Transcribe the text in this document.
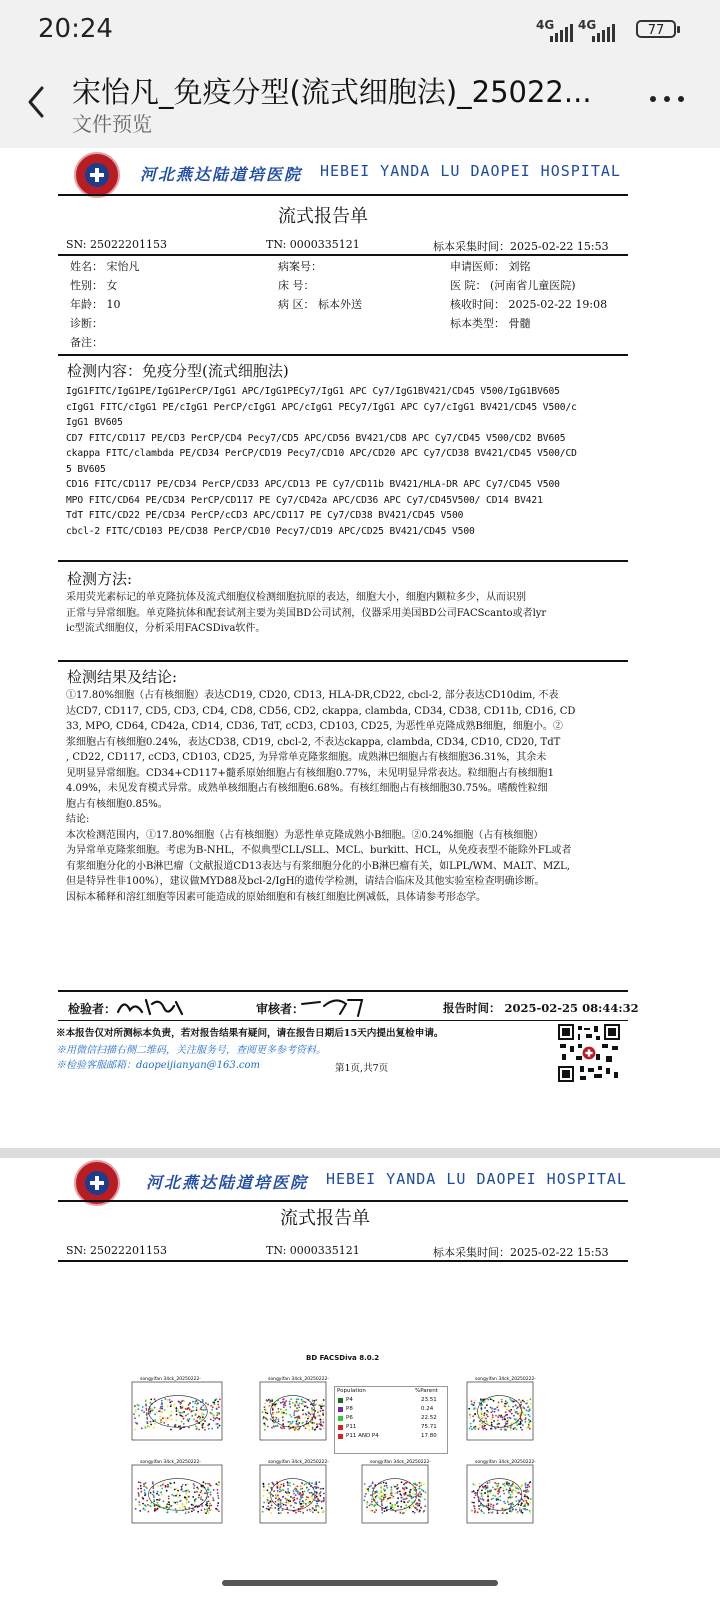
20:24	4G 4G	77
宋怡凡_免疫分型(流式细胞法)_25022...
文件预览
河北燕达陆道培医院 HEBEI YANDA LU DAOPEI HOSPITAL
流式报告单
SN: 25022201153	TN: 0000335121	标本采集时间：2025-02-22 15:53
姓名： 宋怡凡	病案号：	申请医师： 刘铭
性别： 女	床 号：	医 院： (河南省儿童医院)
年龄： 10	病 区： 标本外送	核收时间： 2025-02-22 19:08
诊断：	标本类型： 骨髓
备注：
检测内容：免疫分型(流式细胞法)
IgG1FITC/IgG1PE/IgG1PerCP/IgG1 APC/IgG1PECy7/IgG1 APC Cy7/IgG1BV421/CD45 V500/IgG1BV605
cIgG1 FITC/cIgG1 PE/cIgG1 PerCP/cIgG1 APC/cIgG1 PECy7/IgG1 APC Cy7/cIgG1 BV421/CD45 V500/c
IgG1 BV605
CD7 FITC/CD117 PE/CD3 PerCP/CD4 Pecy7/CD5 APC/CD56 BV421/CD8 APC Cy7/CD45 V500/CD2 BV605
ckappa FITC/clambda PE/CD34 PerCP/CD19 Pecy7/CD10 APC/CD20 APC Cy7/CD38 BV421/CD45 V500/CD
5 BV605
CD16 FITC/CD117 PE/CD34 PerCP/CD33 APC/CD13 PE Cy7/CD11b BV421/HLA-DR APC Cy7/CD45 V500
MPO FITC/CD64 PE/CD34 PerCP/CD117 PE Cy7/CD42a APC/CD36 APC Cy7/CD45V500/ CD14 BV421
TdT FITC/CD22 PE/CD34 PerCP/cCD3 APC/CD117 PE Cy7/CD38 BV421/CD45 V500
cbcl-2 FITC/CD103 PE/CD38 PerCP/CD10 Pecy7/CD19 APC/CD25 BV421/CD45 V500
检测方法:
采用荧光素标记的单克隆抗体及流式细胞仪检测细胞抗原的表达，细胞大小，细胞内颗粒多少，从而识别
正常与异常细胞。单克隆抗体和配套试剂主要为美国BD公司试剂，仪器采用美国BD公司FACScanto或者lyr
ic型流式细胞仪，分析采用FACSDiva软件。
检测结果及结论:
①17.80%细胞（占有核细胞）表达CD19, CD20, CD13, HLA-DR,CD22, cbcl-2, 部分表达CD10dim, 不表
达CD7, CD117, CD5, CD3, CD4, CD8, CD56, CD2, ckappa, clambda, CD34, CD38, CD11b, CD16, CD
33, MPO, CD64, CD42a, CD14, CD36, TdT, cCD3, CD103, CD25, 为恶性单克隆成熟B细胞，细胞小。②
浆细胞占有核细胞0.24%，表达CD38, CD19, cbcl-2, 不表达ckappa, clambda, CD34, CD10, CD20, TdT
, CD22, CD117, cCD3, CD103, CD25, 为异常单克隆浆细胞。成熟淋巴细胞占有核细胞36.31%，其余未
见明显异常细胞。CD34+CD117+髓系原始细胞占有核细胞0.77%，未见明显异常表达。粒细胞占有核细胞1
4.09%，未见发育模式异常。成熟单核细胞占有核细胞6.68%。有核红细胞占有核细胞30.75%。嗜酸性粒细
胞占有核细胞0.85%。
结论:
本次检测范围内，①17.80%细胞（占有核细胞）为恶性单克隆成熟小B细胞。②0.24%细胞（占有核细胞）
为异常单克隆浆细胞。考虑为B-NHL，不似典型CLL/SLL、MCL、burkitt、HCL，从免疫表型不能除外FL或者
有浆细胞分化的小B淋巴瘤（文献报道CD13表达与有浆细胞分化的小B淋巴瘤有关，如LPL/WM、MALT、MZL,
但是特异性非100%），建议做MYD88及bcl-2/IgH的遗传学检测，请结合临床及其他实验室检查明确诊断。
因标本稀释和溶红细胞等因素可能造成的原始细胞和有核红细胞比例减低，具体请参考形态学。
检验者：	审核者：	报告时间： 2025-02-25 08:44:32
※本报告仅对所测标本负责，若对报告结果有疑问，请在报告日期后15天内提出复检申请。
※用微信扫描右侧二维码，关注服务号，查阅更多参考资料。
※检验客服邮箱：daopeijianyan@163.com	第1页,共7页
河北燕达陆道培医院 HEBEI YANDA LU DAOPEI HOSPITAL
流式报告单
SN: 25022201153	TN: 0000335121	标本采集时间：2025-02-22 15:53
BD FACSDiva 8.0.2
Population	%Parent
P4	23.51
P8	0.24
P6	22.52
P11	75.71
P11 AND P4	17.80
songyifan 34ck_20250222-	songyifan 34ck_20250222-	songyifan 34ck_20250222-
songyifan 34ck_20250222-	songyifan 34ck_20250222-	songyifan 34ck_20250222-	songyifan 34ck_20250222-
